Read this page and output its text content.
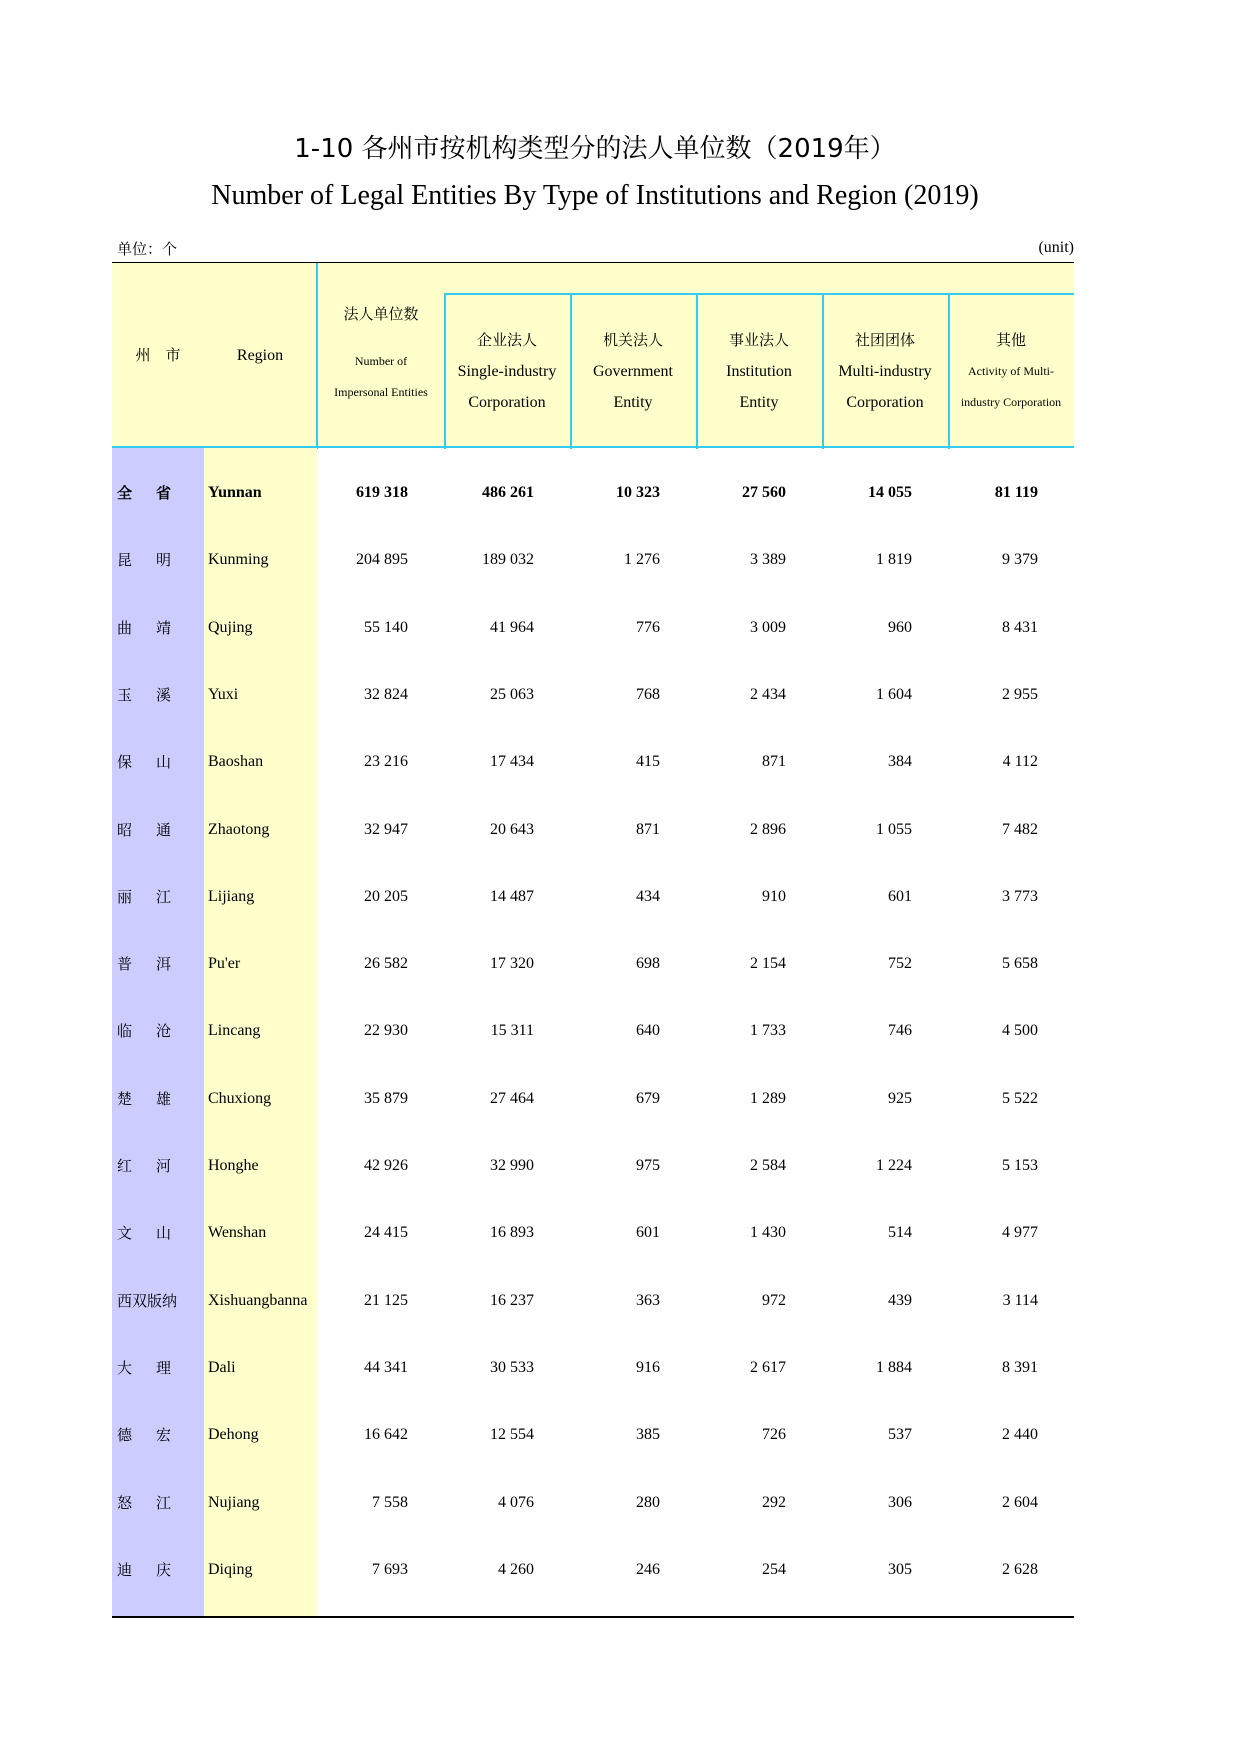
1-10 各州市按机构类型分的法人单位数（2019年）
Number of Legal Entities By Type of Institutions and Region (2019)
单位：个	(unit)
州　市	Region
法人单位数
Number of
Impersonal Entities
企业法人
Single-industry
Corporation
机关法人
Government
Entity
事业法人
Institution
Entity
社团团体
Multi-industry
Corporation
其他
Activity of Multi-
industry Corporation
全 省 Yunnan	619 318	486 261	10 323	27 560	14 055	81 119
昆 明 Kunming	204 895	189 032	1 276	3 389	1 819	9 379
曲 靖 Qujing	55 140	41 964	776	3 009	960	8 431
玉 溪 Yuxi	32 824	25 063	768	2 434	1 604	2 955
保 山 Baoshan	23 216	17 434	415	871	384	4 112
昭 通 Zhaotong	32 947	20 643	871	2 896	1 055	7 482
丽 江 Lijiang	20 205	14 487	434	910	601	3 773
普 洱 Pu'er	26 582	17 320	698	2 154	752	5 658
临 沧 Lincang	22 930	15 311	640	1 733	746	4 500
楚 雄 Chuxiong	35 879	27 464	679	1 289	925	5 522
红 河 Honghe	42 926	32 990	975	2 584	1 224	5 153
文 山 Wenshan	24 415	16 893	601	1 430	514	4 977
西双版纳 Xishuangbanna	21 125	16 237	363	972	439	3 114
大 理 Dali	44 341	30 533	916	2 617	1 884	8 391
德 宏 Dehong	16 642	12 554	385	726	537	2 440
怒 江 Nujiang	7 558	4 076	280	292	306	2 604
迪 庆 Diqing	7 693	4 260	246	254	305	2 628
